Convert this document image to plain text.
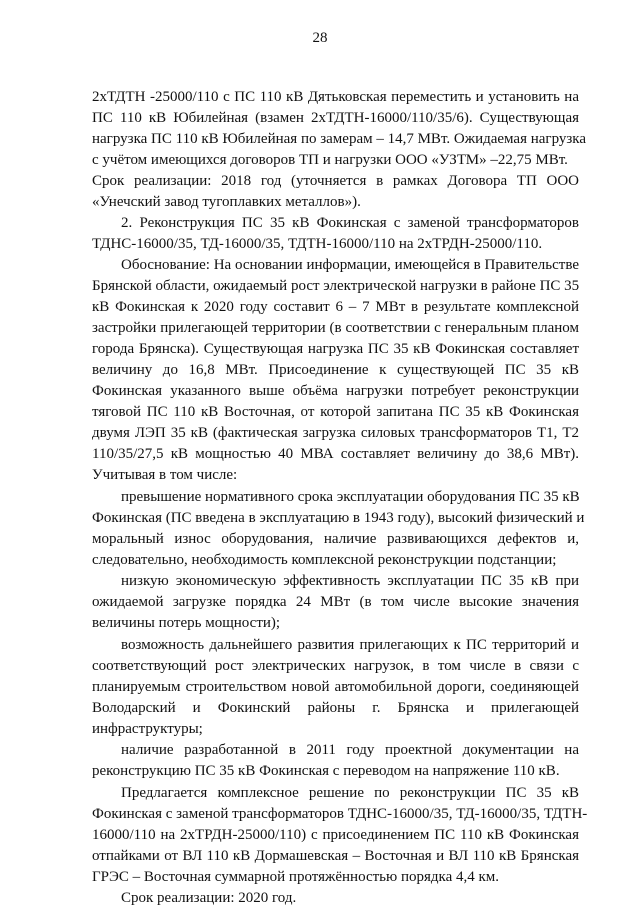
28
2хТДТН -25000/110 с ПС 110 кВ Дятьковская переместить и установить на
ПС 110 кВ Юбилейная (взамен 2хТДТН-16000/110/35/6). Существующая
нагрузка ПС 110 кВ Юбилейная по замерам – 14,7 МВт. Ожидаемая нагрузка
с учётом имеющихся договоров ТП и нагрузки ООО «УЗТМ» –22,75 МВт.
Срок реализации: 2018 год (уточняется в рамках Договора ТП ООО
«Унечский завод тугоплавких металлов»).
2. Реконструкция ПС 35 кВ Фокинская с заменой трансформаторов
ТДНС-16000/35, ТД-16000/35, ТДТН-16000/110 на 2хТРДН-25000/110.
Обоснование: На основании информации, имеющейся в Правительстве
Брянской области, ожидаемый рост электрической нагрузки в районе ПС 35
кВ Фокинская к 2020 году составит 6 – 7 МВт в результате комплексной
застройки прилегающей территории (в соответствии с генеральным планом
города Брянска). Существующая нагрузка ПС 35 кВ Фокинская составляет
величину до 16,8 МВт. Присоединение к существующей ПС 35 кВ
Фокинская указанного выше объёма нагрузки потребует реконструкции
тяговой ПС 110 кВ Восточная, от которой запитана ПС 35 кВ Фокинская
двумя ЛЭП 35 кВ (фактическая загрузка силовых трансформаторов Т1, Т2
110/35/27,5 кВ мощностью 40 МВА составляет величину до 38,6 МВт).
Учитывая в том числе:
превышение нормативного срока эксплуатации оборудования ПС 35 кВ
Фокинская (ПС введена в эксплуатацию в 1943 году), высокий физический и
моральный износ оборудования, наличие развивающихся дефектов и,
следовательно, необходимость комплексной реконструкции подстанции;
низкую экономическую эффективность эксплуатации ПС 35 кВ при
ожидаемой загрузке порядка 24 МВт (в том числе высокие значения
величины потерь мощности);
возможность дальнейшего развития прилегающих к ПС территорий и
соответствующий рост электрических нагрузок, в том числе в связи с
планируемым строительством новой автомобильной дороги, соединяющей
Володарский и Фокинский районы г. Брянска и прилегающей
инфраструктуры;
наличие разработанной в 2011 году проектной документации на
реконструкцию ПС 35 кВ Фокинская с переводом на напряжение 110 кВ.
Предлагается комплексное решение по реконструкции ПС 35 кВ
Фокинская с заменой трансформаторов ТДНС-16000/35, ТД-16000/35, ТДТН-
16000/110 на 2хТРДН-25000/110) с присоединением ПС 110 кВ Фокинская
отпайками от ВЛ 110 кВ Дормашевская – Восточная и ВЛ 110 кВ Брянская
ГРЭС – Восточная суммарной протяжённостью порядка 4,4 км.
Срок реализации: 2020 год.
